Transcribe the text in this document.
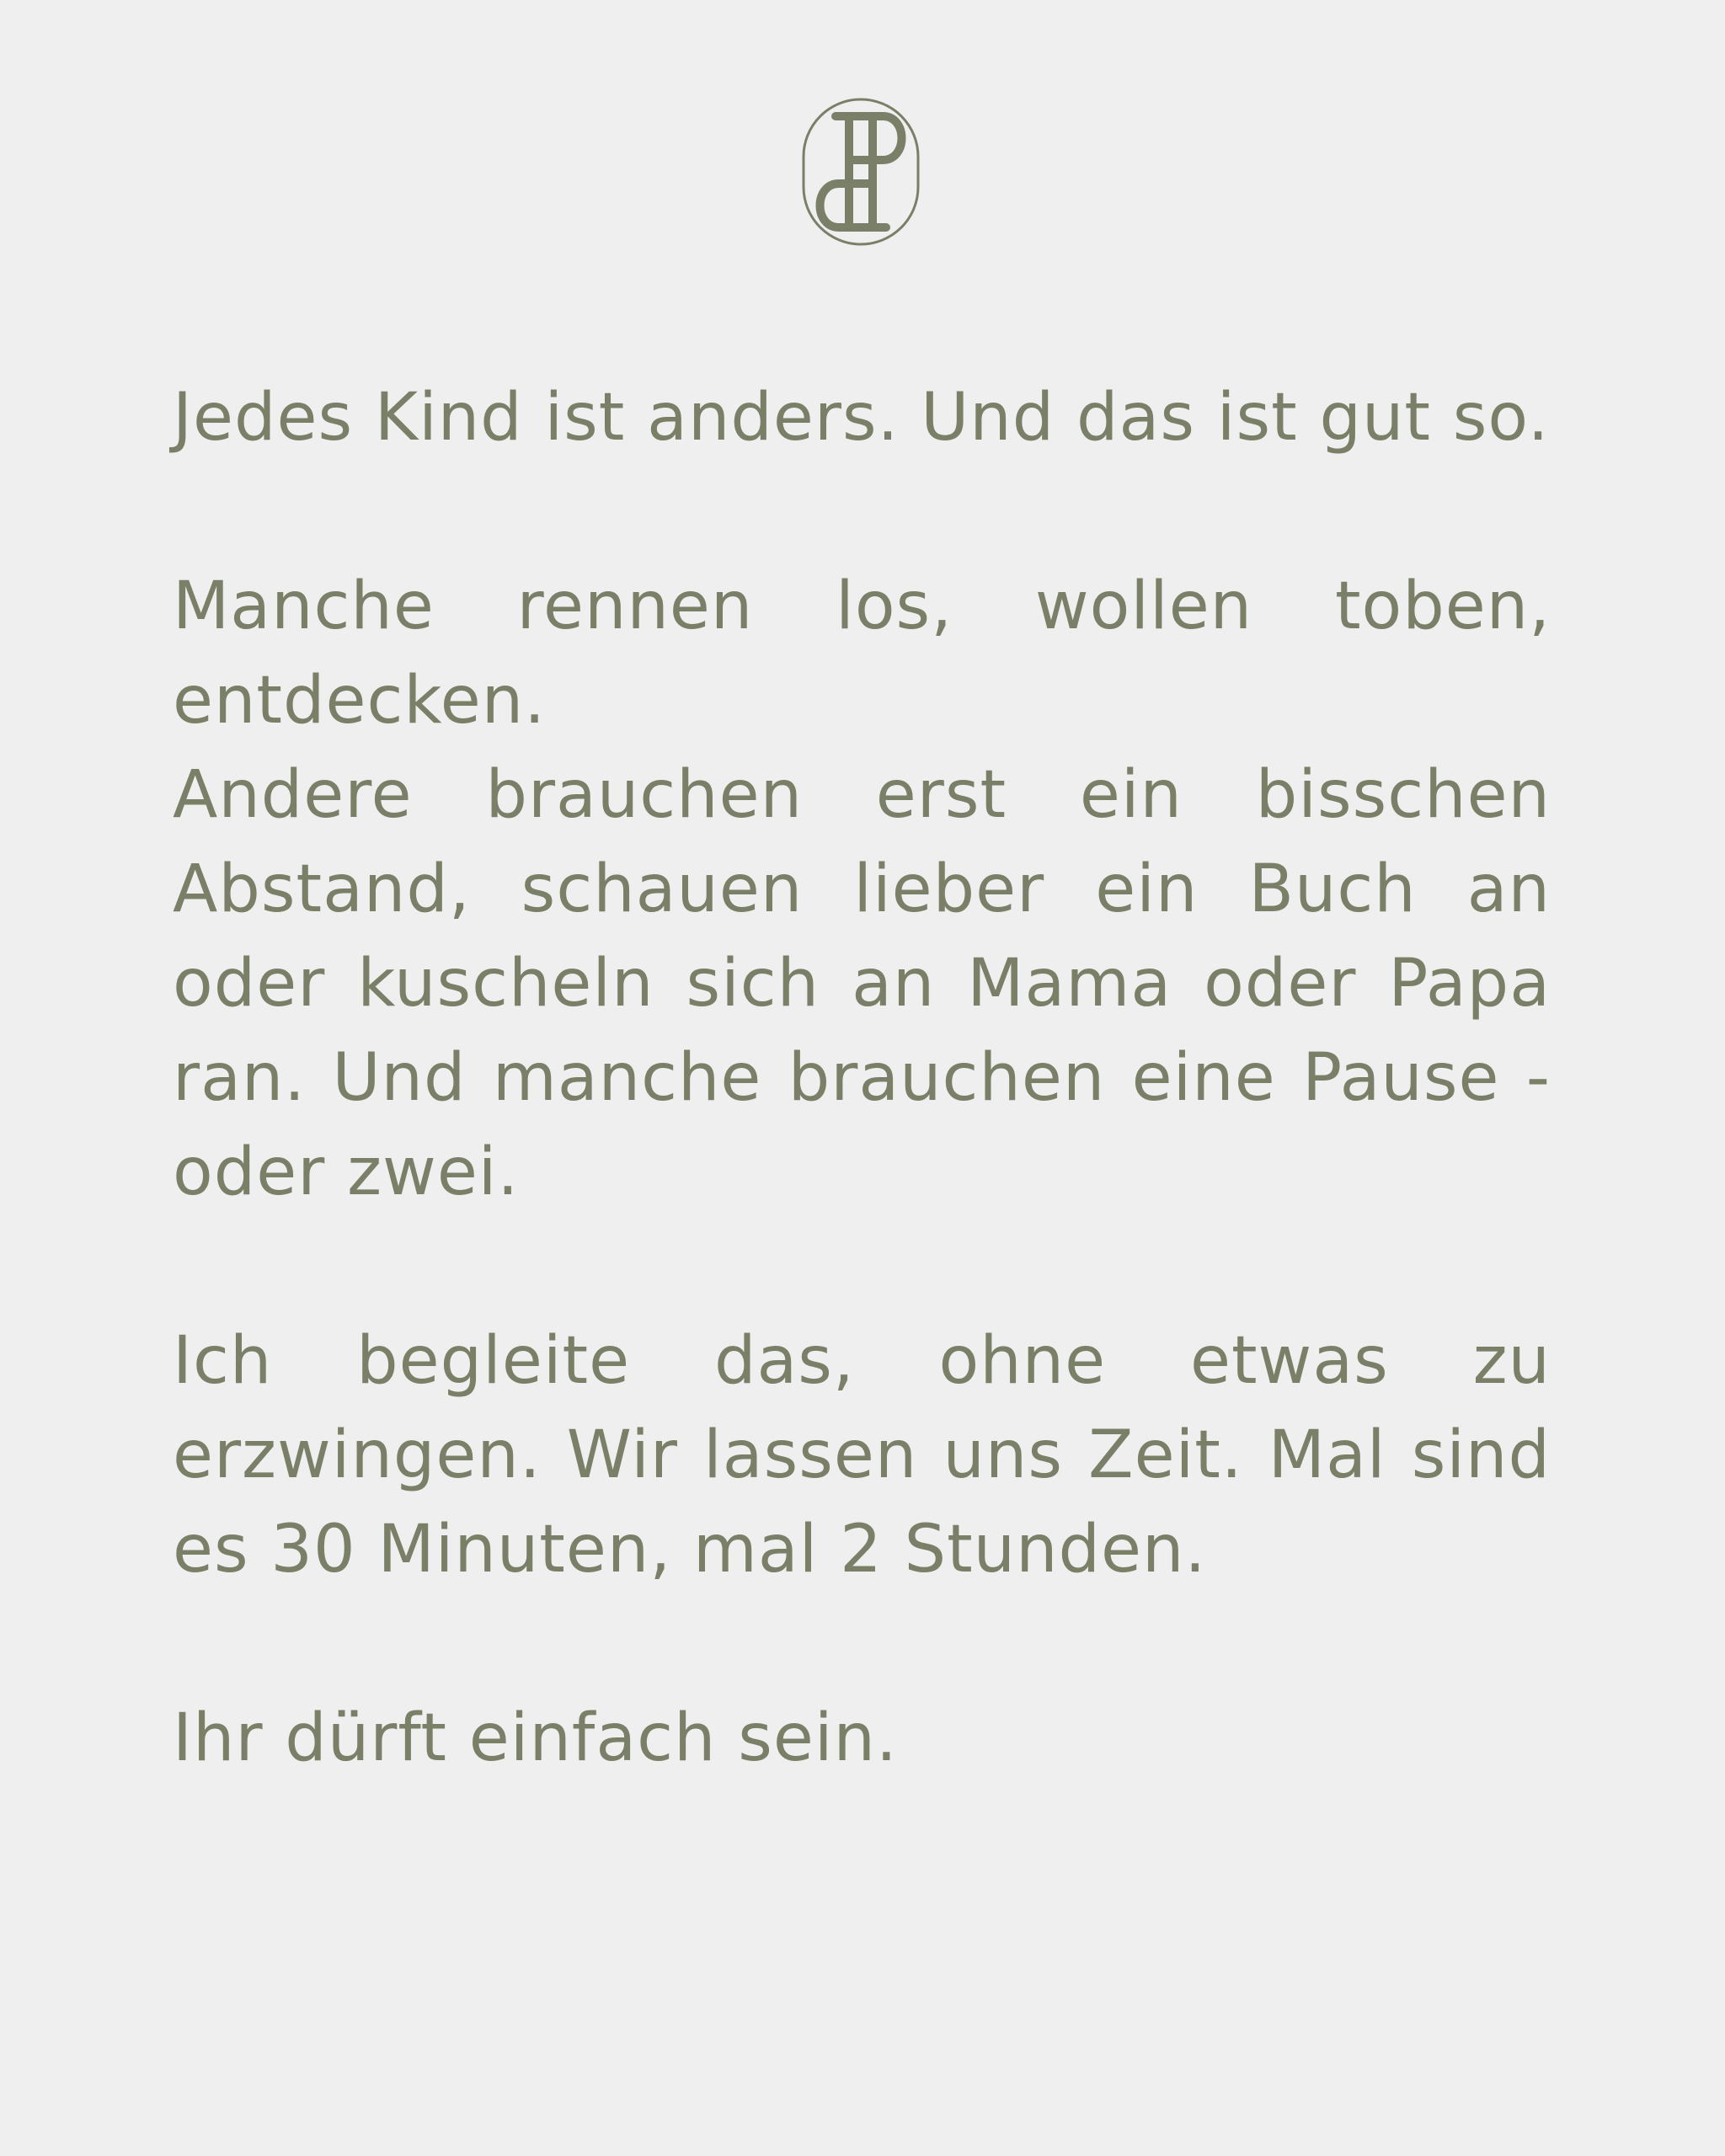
Jedes Kind ist anders. Und das ist gut so.

Manche rennen los, wollen toben, entdecken.

Andere brauchen erst ein bisschen Abstand, schauen lieber ein Buch an oder kuscheln sich an Mama oder Papa ran. Und manche brauchen eine Pause - oder zwei.

Ich begleite das, ohne etwas zu erzwingen. Wir lassen uns Zeit. Mal sind es 30 Minuten, mal 2 Stunden.

Ihr dürft einfach sein.
